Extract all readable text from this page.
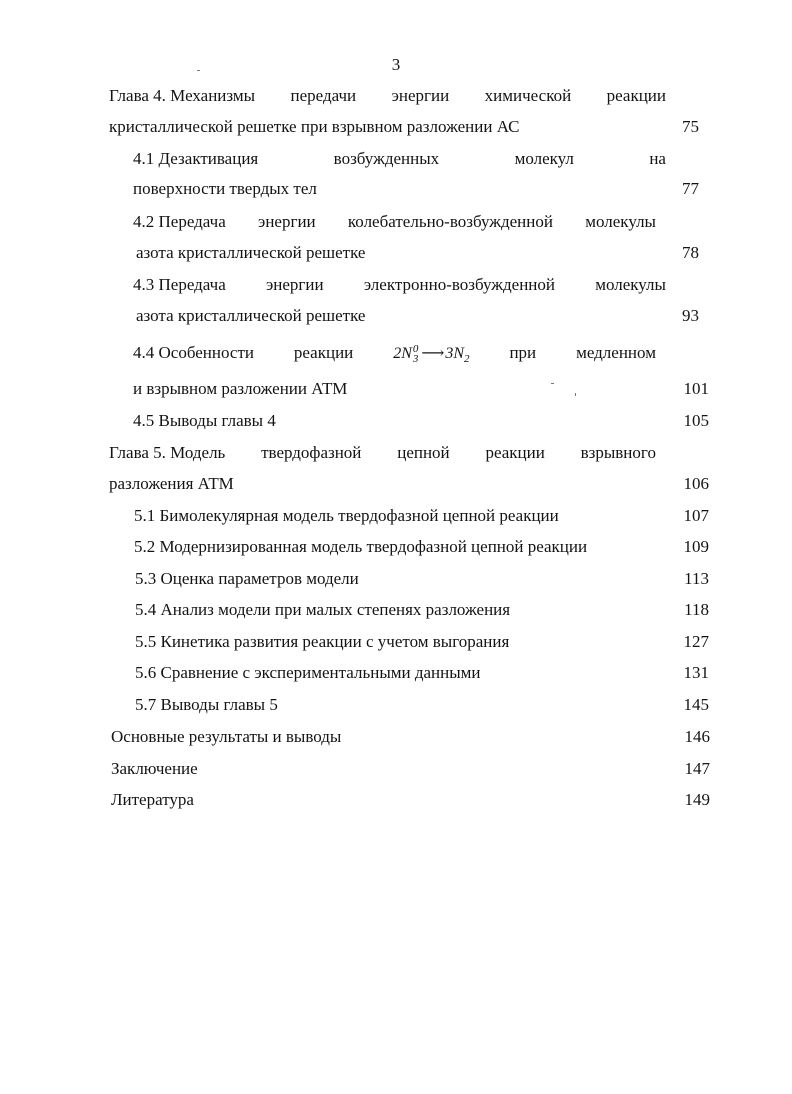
3
Глава 4. Механизмы передачи энергии химической реакции
кристаллической решетке при взрывном разложении АС	75
4.1 Дезактивация	возбужденных	молекул	на
поверхности твердых тел	77
4.2 Передача энергии колебательно-возбужденной молекулы
азота кристаллической решетке	78
4.3 Передача энергии электронно-возбужденной молекулы
азота кристаллической решетке	93
4.4 Особенности реакции 2N 0
3 ⟶ $3N_2$ при медленном
и взрывном разложении АТМ	101
4.5 Выводы главы 4	105
Глава 5. Модель твердофазной цепной реакции взрывного
разложения АТМ	106
5.1 Бимолекулярная модель твердофазной цепной реакции	107
5.2 Модернизированная модель твердофазной цепной реакции	109
5.3 Оценка параметров модели	113
5.4 Анализ модели при малых степенях разложения	118
5.5 Кинетика развития реакции с учетом выгорания	127
5.6 Сравнение с экспериментальными данными	131
5.7 Выводы главы 5	145
Основные результаты и выводы	146
Заключение	147
Литература	149
